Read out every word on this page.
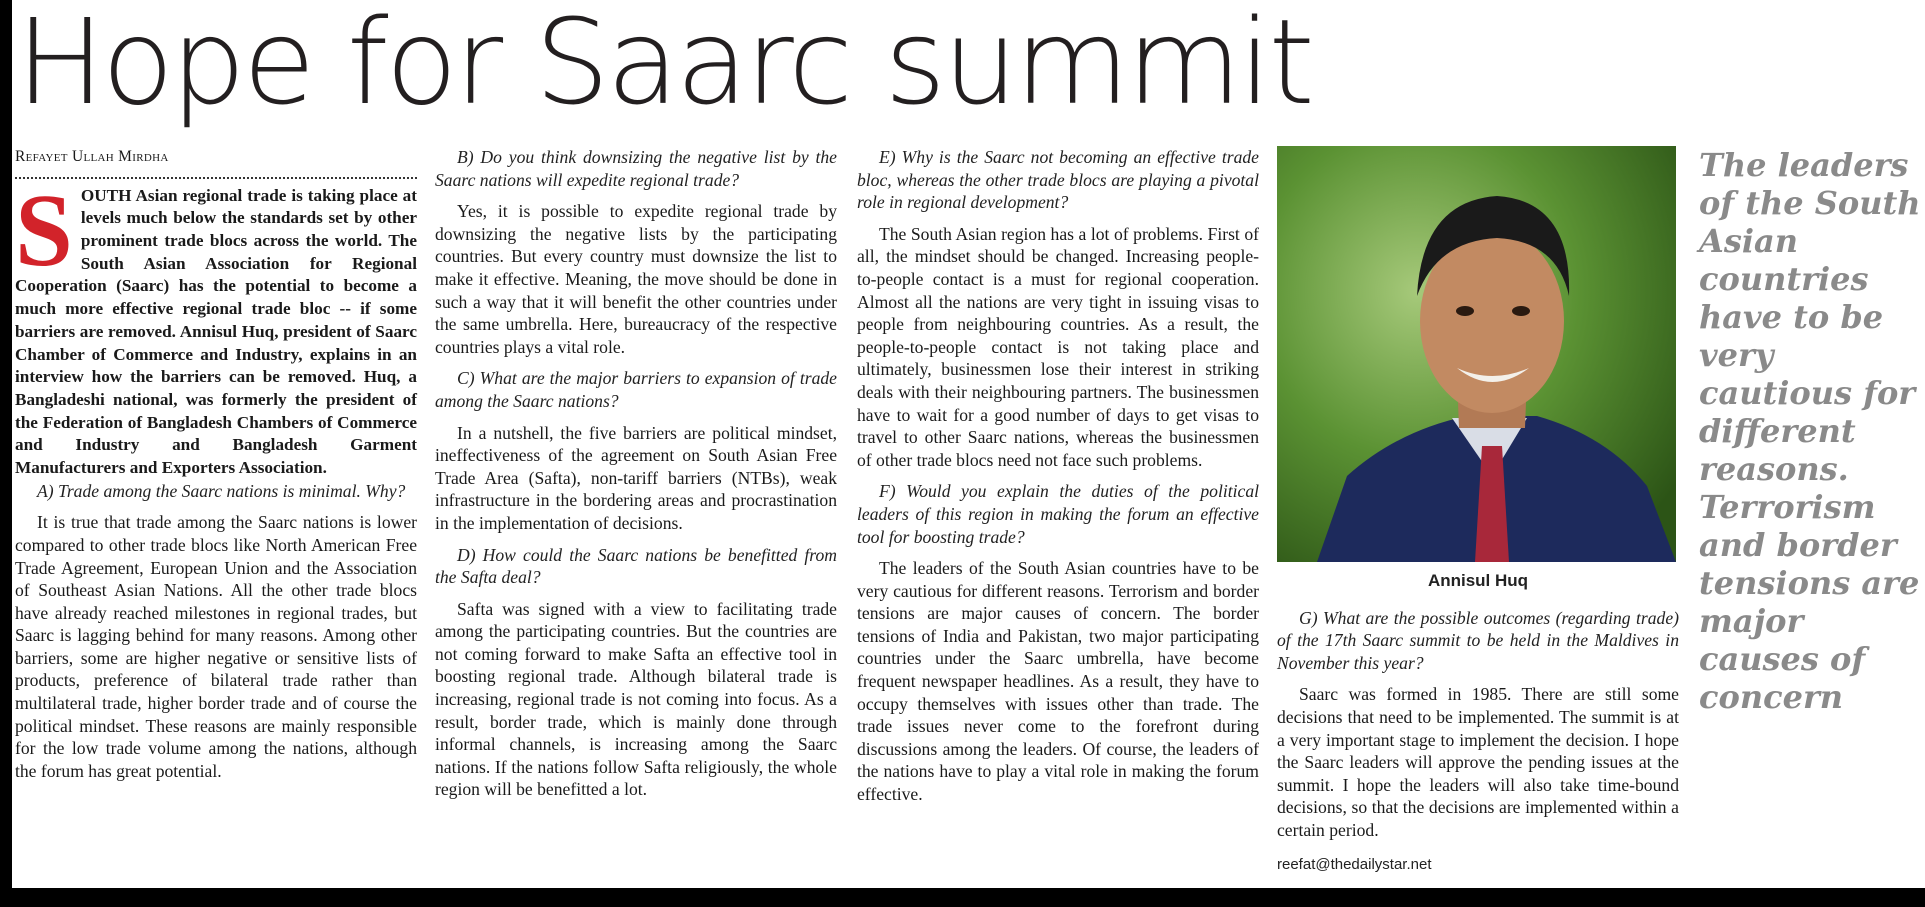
Hope for Saarc summit
Refayet Ullah Mirdha

SOUTH Asian regional trade is taking place at levels much below the standards set by other prominent trade blocs across the world. The South Asian Association for Regional Cooperation (Saarc) has the potential to become a much more effective regional trade bloc -- if some barriers are removed. Annisul Huq, president of Saarc Chamber of Commerce and Industry, explains in an interview how the barriers can be removed. Huq, a Bangladeshi national, was formerly the president of the Federation of Bangladesh Chambers of Commerce and Industry and Bangladesh Garment Manufacturers and Exporters Association.

A) Trade among the Saarc nations is minimal. Why?

It is true that trade among the Saarc nations is lower compared to other trade blocs like North American Free Trade Agreement, European Union and the Association of Southeast Asian Nations. All the other trade blocs have already reached milestones in regional trades, but Saarc is lagging behind for many reasons. Among other barriers, some are higher negative or sensitive lists of products, preference of bilateral trade rather than multilateral trade, higher border trade and of course the political mindset. These reasons are mainly responsible for the low trade volume among the nations, although the forum has great potential.

B) Do you think downsizing the negative list by the Saarc nations will expedite regional trade?

Yes, it is possible to expedite regional trade by downsizing the negative lists by the participating countries. But every country must downsize the list to make it effective. Meaning, the move should be done in such a way that it will benefit the other countries under the same umbrella. Here, bureaucracy of the respective countries plays a vital role.

C) What are the major barriers to expansion of trade among the Saarc nations?

In a nutshell, the five barriers are political mindset, ineffectiveness of the agreement on South Asian Free Trade Area (Safta), non-tariff barriers (NTBs), weak infrastructure in the bordering areas and procrastination in the implementation of decisions.

D) How could the Saarc nations be benefitted from the Safta deal?

Safta was signed with a view to facilitating trade among the participating countries. But the countries are not coming forward to make Safta an effective tool in boosting regional trade. Although bilateral trade is increasing, regional trade is not coming into focus. As a result, border trade, which is mainly done through informal channels, is increasing among the Saarc nations. If the nations follow Safta religiously, the whole region will be benefitted a lot.

E) Why is the Saarc not becoming an effective trade bloc, whereas the other trade blocs are playing a pivotal role in regional development?

The South Asian region has a lot of problems. First of all, the mindset should be changed. Increasing people-to-people contact is a must for regional cooperation. Almost all the nations are very tight in issuing visas to people from neighbouring countries. As a result, the people-to-people contact is not taking place and ultimately, businessmen lose their interest in striking deals with their neighbouring partners. The businessmen have to wait for a good number of days to get visas to travel to other Saarc nations, whereas the businessmen of other trade blocs need not face such problems.

F) Would you explain the duties of the political leaders of this region in making the forum an effective tool for boosting trade?

The leaders of the South Asian countries have to be very cautious for different reasons. Terrorism and border tensions are major causes of concern. The border tensions of India and Pakistan, two major participating countries under the Saarc umbrella, have become frequent newspaper headlines. As a result, they have to occupy themselves with issues other than trade. The trade issues never come to the forefront during discussions among the leaders. Of course, the leaders of the nations have to play a vital role in making the forum effective.

Annisul Huq

G) What are the possible outcomes (regarding trade) of the 17th Saarc summit to be held in the Maldives in November this year?

Saarc was formed in 1985. There are still some decisions that need to be implemented. The summit is at a very important stage to implement the decision. I hope the Saarc leaders will approve the pending issues at the summit. I hope the leaders will also take time-bound decisions, so that the decisions are implemented within a certain period.

reefat@thedailystar.net
The leaders of the South Asian countries have to be very cautious for different reasons. Terrorism and border tensions are major causes of concern
